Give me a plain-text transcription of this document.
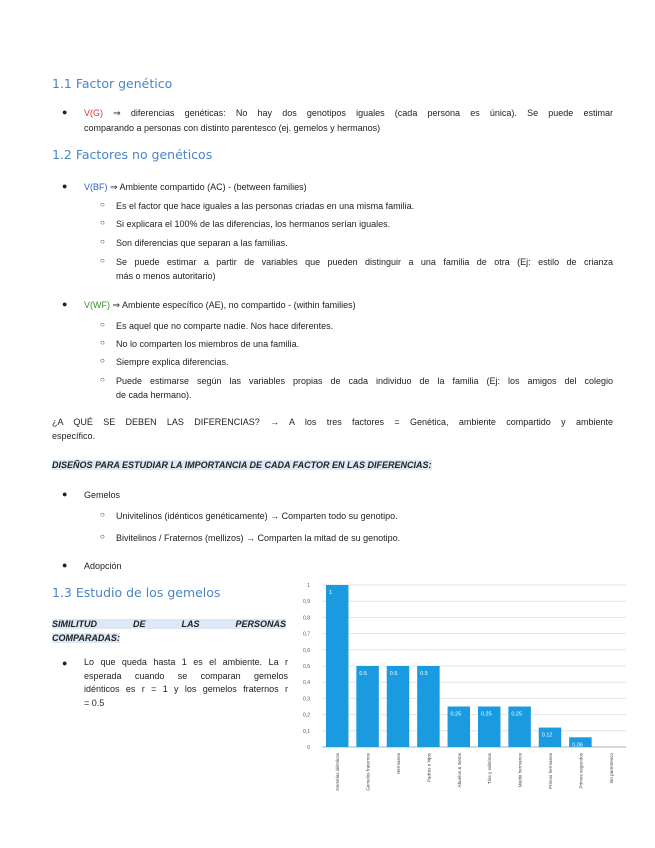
1.1 Factor genético
● V(G) ⇒ diferencias genéticas: No hay dos genotipos iguales (cada persona es única). Se puede estimar
comparando a personas con distinto parentesco (ej. gemelos y hermanos)
1.2 Factores no genéticos
● V(BF) ⇒ Ambiente compartido (AC) - (between families)
○ Es el factor que hace iguales a las personas criadas en una misma familia.
○ Si explicara el 100% de las diferencias, los hermanos serían iguales.
○ Son diferencias que separan a las familias.
○ Se puede estimar a partir de variables que pueden distinguir a una familia de otra (Ej: estilo de crianza
más o menos autoritario)
● V(WF) ⇒ Ambiente específico (AE), no compartido - (within families)
○ Es aquel que no comparte nadie. Nos hace diferentes.
○ No lo comparten los miembros de una familia.
○ Siempre explica diferencias.
○ Puede estimarse según las variables propias de cada individuo de la familia (Ej: los amigos del colegio
de cada hermano).
¿A QUÉ SE DEBEN LAS DIFERENCIAS? → A los tres factores = Genética, ambiente compartido y ambiente
específico.
DISEÑOS PARA ESTUDIAR LA IMPORTANCIA DE CADA FACTOR EN LAS DIFERENCIAS:
● Gemelos
○ Univitelinos (idénticos genéticamente) → Comparten todo su genotipo.
○ Bivitelinos / Fraternos (mellizos) → Comparten la mitad de su genotipo.
● Adopción
1.3 Estudio de los gemelos
SIMILITUD DE LAS PERSONAS
COMPARADAS:
● Lo que queda hasta 1 es el ambiente. La r
esperada cuando se comparan gemelos
idénticos es r = 1 y los gemelos fraternos r
= 0.5
0
0,1
0,2
0,3
0,4
0,5
0,6
0,7
0,8
0,9
1
1
Gemelos idénticos
0.5
Gemelos fraternos
0.5
Hermanos
0.5
Padres e hijos
0.25
Abuelos & nietos
0.25
Tíos y sobrinos
0.25
Medio hermanos
0.12
Primos hermanos
0.06
Primos segundos	Sin parentesco
